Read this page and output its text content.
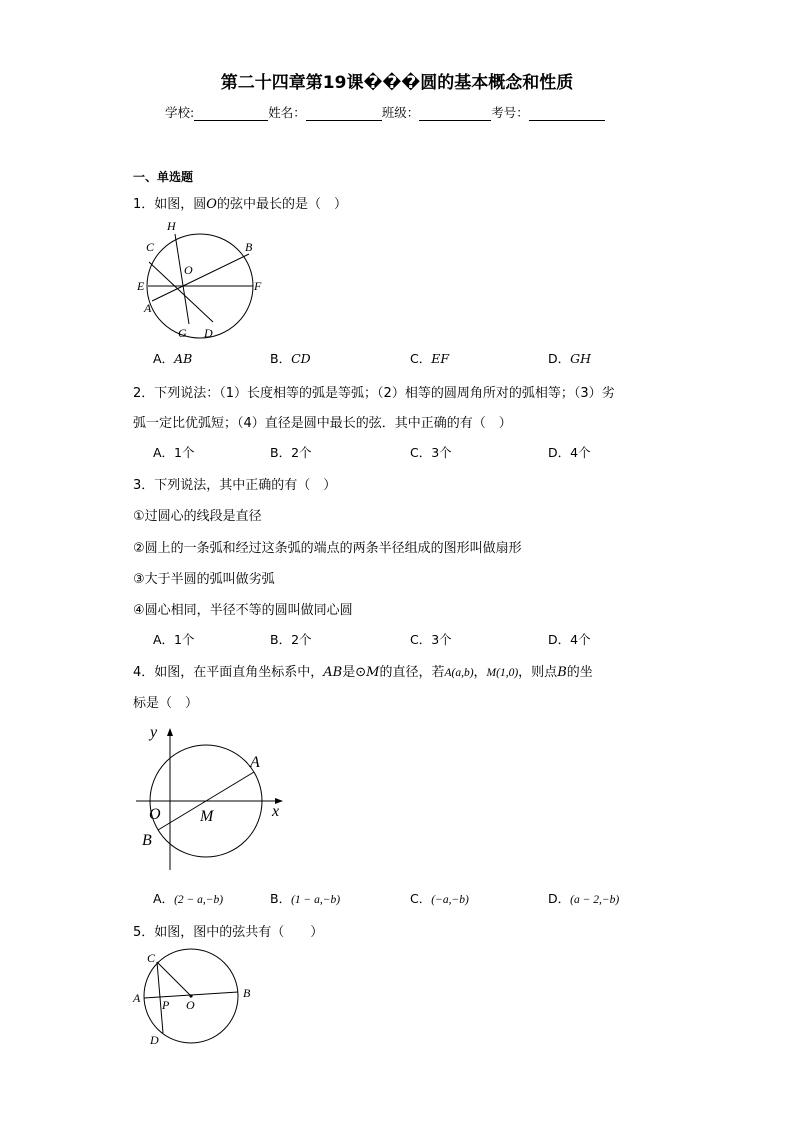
第二十四章第19课���圆的基本概念和性质
学校:	姓名：	班级：	考号：
一、单选题
1．如图，圆O的弦中最长的是（　）
C
H
B
O
E	F
A
G D
A．AB	B．CD	C．EF	D．GH
2．下列说法：（1）长度相等的弧是等弧；（2）相等的圆周角所对的弧相等；（3）劣
弧一定比优弧短；（4）直径是圆中最长的弦．其中正确的有（　）
A．1个	B．2个	C．3个	D．4个
3．下列说法，其中正确的有（　）
①过圆心的线段是直径
②圆上的一条弧和经过这条弧的端点的两条半径组成的图形叫做扇形
③大于半圆的弧叫做劣弧
④圆心相同，半径不等的圆叫做同心圆
A．1个	B．2个	C．3个	D．4个
4．如图，在平面直角坐标系中，AB是⊙M的直径，若A(a,b)，M(1,0)，则点B的坐
标是（　）
y
x
O M
A
B
A．(2 − a,−b)	B．(1 − a,−b)	C．(−a,−b)	D．(a − 2,−b)
5．如图，图中的弦共有（　　）
C
A P O
B
D
